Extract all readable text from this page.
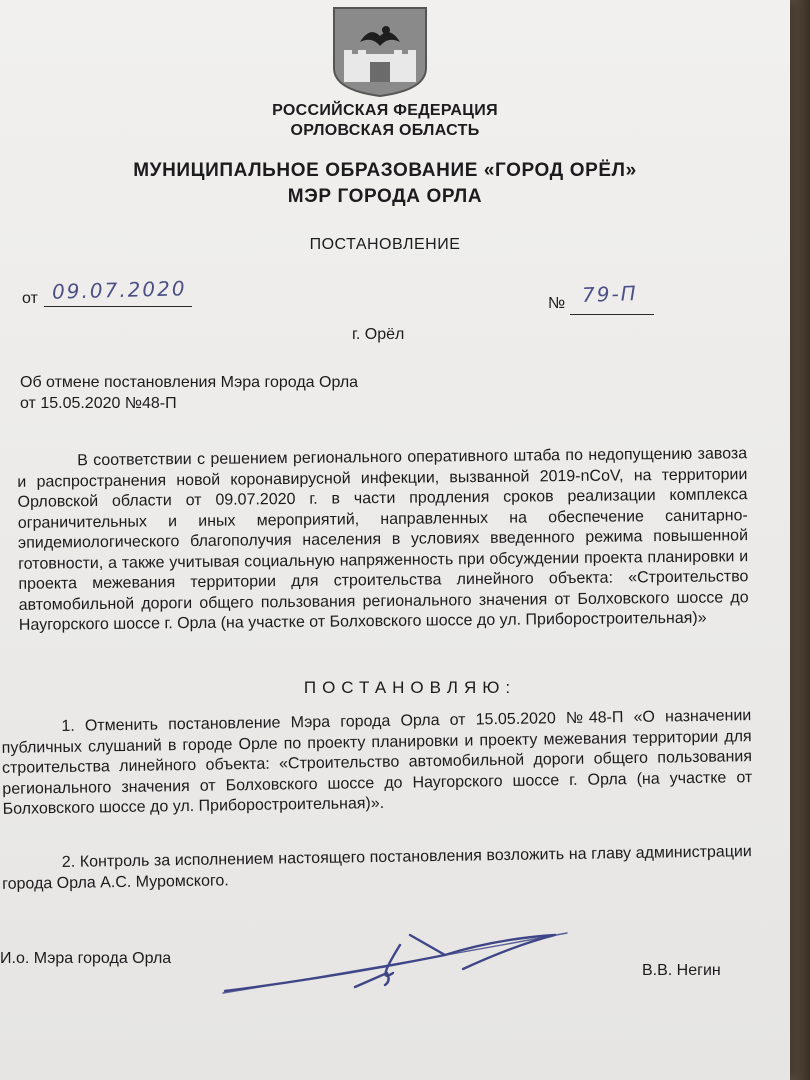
РОССИЙСКАЯ ФЕДЕРАЦИЯ
ОРЛОВСКАЯ ОБЛАСТЬ
МУНИЦИПАЛЬНОЕ ОБРАЗОВАНИЕ «ГОРОД ОРЁЛ»
МЭР ГОРОДА ОРЛА
ПОСТАНОВЛЕНИЕ
от 09.07.2020	№ 79-П
г. Орёл
Об отмене постановления Мэра города Орла
от 15.05.2020 №48-П
В соответствии с решением регионального оперативного штаба по недопущению завоза и распространения новой коронавирусной инфекции, вызванной 2019-nCoV, на территории Орловской области от 09.07.2020 г. в части продления сроков реализации комплекса ограничительных и иных мероприятий, направленных на обеспечение санитарно-эпидемиологического благополучия населения в условиях введенного режима повышенной готовности, а также учитывая социальную напряженность при обсуждении проекта планировки и проекта межевания территории для строительства линейного объекта: «Строительство автомобильной дороги общего пользования регионального значения от Болховского шоссе до Наугорского шоссе г. Орла (на участке от Болховского шоссе до ул. Приборостроительная)»
ПОСТАНОВЛЯЮ:
1. Отменить постановление Мэра города Орла от 15.05.2020 №48-П «О назначении публичных слушаний в городе Орле по проекту планировки и проекту межевания территории для строительства линейного объекта: «Строительство автомобильной дороги общего пользования регионального значения от Болховского шоссе до Наугорского шоссе г. Орла (на участке от Болховского шоссе до ул. Приборостроительная)».
2. Контроль за исполнением настоящего постановления возложить на главу администрации города Орла А.С. Муромского.
И.о. Мэра города Орла
В.В. Негин
